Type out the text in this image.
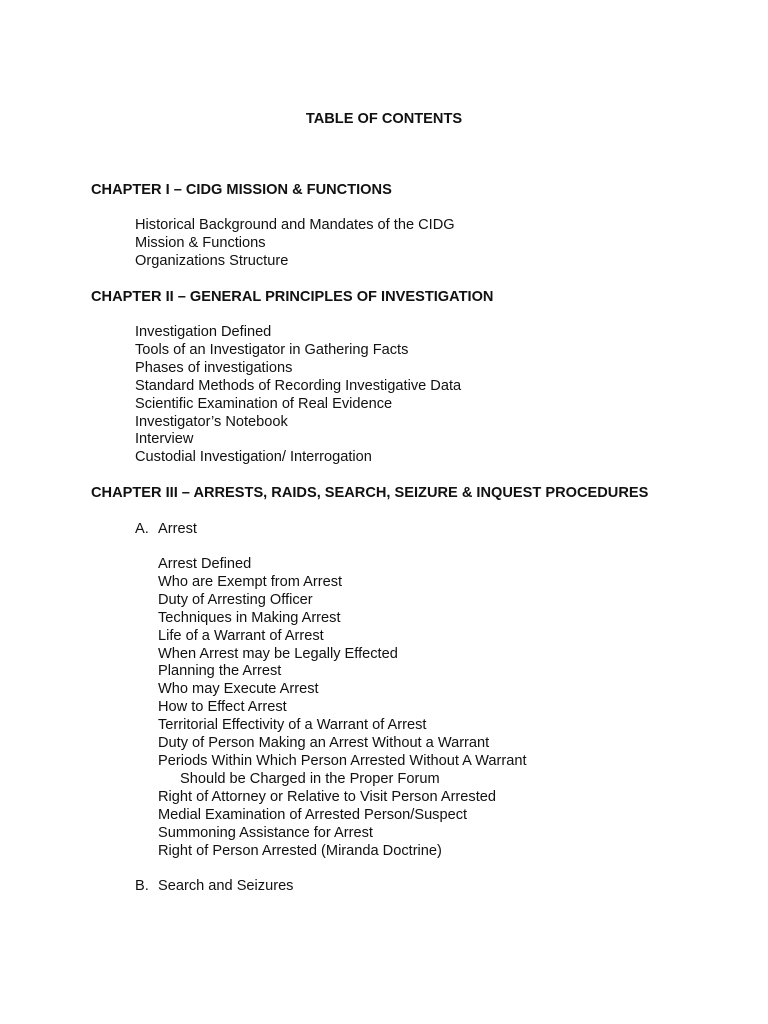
TABLE OF CONTENTS
CHAPTER I – CIDG MISSION & FUNCTIONS
Historical Background and Mandates of the CIDG
Mission & Functions
Organizations Structure
CHAPTER II – GENERAL PRINCIPLES OF INVESTIGATION
Investigation Defined
Tools of an Investigator in Gathering Facts
Phases of investigations
Standard Methods of Recording Investigative Data
Scientific Examination of Real Evidence
Investigator’s Notebook
Interview
Custodial Investigation/ Interrogation
CHAPTER III – ARRESTS, RAIDS, SEARCH, SEIZURE & INQUEST PROCEDURES

A. Arrest

Arrest Defined
Who are Exempt from Arrest
Duty of Arresting Officer
Techniques in Making Arrest
Life of a Warrant of Arrest
When Arrest may be Legally Effected
Planning the Arrest
Who may Execute Arrest
How to Effect Arrest
Territorial Effectivity of a Warrant of Arrest
Duty of Person Making an Arrest Without a Warrant
Periods Within Which Person Arrested Without A Warrant
Should be Charged in the Proper Forum
Right of Attorney or Relative to Visit Person Arrested
Medial Examination of Arrested Person/Suspect
Summoning Assistance for Arrest
Right of Person Arrested (Miranda Doctrine)

B. Search and Seizures
